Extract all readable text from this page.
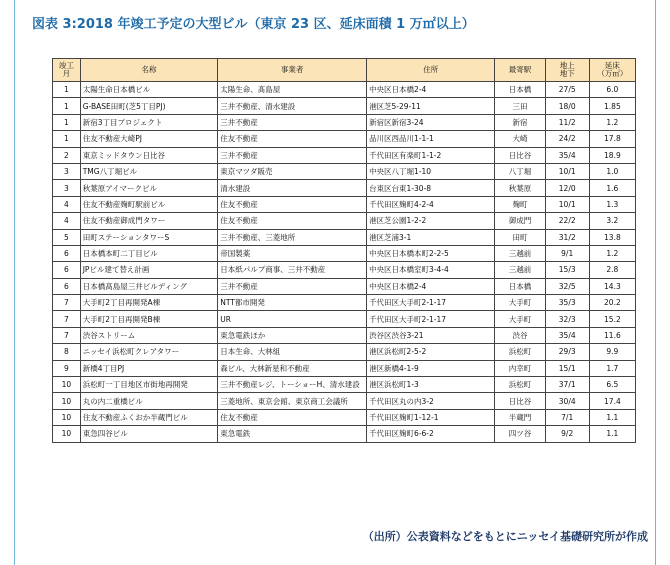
図表 3:2018 年竣工予定の大型ビル（東京 23 区、延床面積 1 万㎡以上）
竣工
月	名称	事業者	住所	最寄駅	地上
地下	延床
（万㎡）
1	太陽生命日本橋ビル	太陽生命、髙島屋	中央区日本橋2-4	日本橋	27/5	6.0
1	G-BASE田町(芝5丁目PJ)	三井不動産、清水建設	港区芝5-29-11	三田	18/0	1.85
1	新宿3丁目プロジェクト	三井不動産	新宿区新宿3-24	新宿	11/2	1.2
1	住友不動産大崎PJ	住友不動産	品川区西品川1-1-1	大崎	24/2	17.8
2	東京ミッドタウン日比谷	三井不動産	千代田区有楽町1-1-2	日比谷	35/4	18.9
3	TMG八丁堀ビル	東京マツダ販売	中央区八丁堀1-10	八丁堀	10/1	1.0
3	秋葉原アイマークビル	清水建設	台東区台東1-30-8	秋葉原	12/0	1.6
4	住友不動産麹町駅前ビル	住友不動産	千代田区麹町4-2-4	麹町	10/1	1.3
4	住友不動産御成門タワー	住友不動産	港区芝公園1-2-2	御成門	22/2	3.2
5	田町ステーションタワーS	三井不動産、三菱地所	港区芝浦3-1	田町	31/2	13.8
6	日本橋本町二丁目ビル	帝国製薬	中央区日本橋本町2-2-5	三越前	9/1	1.2
6	JPビル建て替え計画	日本紙パルプ商事、三井不動産	中央区日本橋室町3-4-4	三越前	15/3	2.8
6	日本橋髙島屋三井ビルディング	三井不動産	中央区日本橋2-4	日本橋	32/5	14.3
7	大手町2丁目再開発A棟	NTT都市開発	千代田区大手町2-1-17	大手町	35/3	20.2
7	大手町2丁目再開発B棟	UR	千代田区大手町2-1-17	大手町	32/3	15.2
7	渋谷ストリーム	東急電鉄ほか	渋谷区渋谷3-21	渋谷	35/4	11.6
8	ニッセイ浜松町クレアタワー	日本生命、大林組	港区浜松町2-5-2	浜松町	29/3	9.9
9	新橋4丁目PJ	森ビル、大林新星和不動産	港区新橋4-1-9	内幸町	15/1	1.7
10	浜松町一丁目地区市街地再開発	三井不動産レジ、トーショーH、清水建設	港区浜松町1-3	浜松町	37/1	6.5
10	丸の内二重橋ビル	三菱地所、東京会館、東京商工会議所	千代田区丸の内3-2	日比谷	30/4	17.4
10	住友不動産ふくおか半蔵門ビル	住友不動産	千代田区麹町1-12-1	半蔵門	7/1	1.1
10	東急四谷ビル	東急電鉄	千代田区麹町6-6-2	四ツ谷	9/2	1.1
（出所）公表資料などをもとにニッセイ基礎研究所が作成
